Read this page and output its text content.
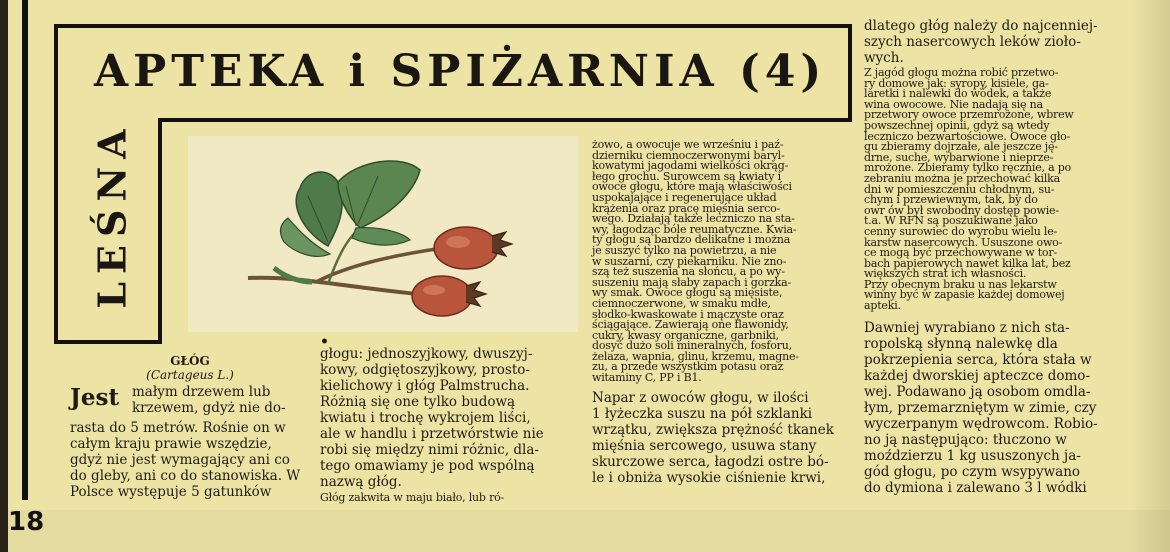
APTEKA i SPIŻARNIA (4)
LEŚNA

GŁÓG

(Cartageus L.)

Jest małym drzewem lub
krzewem, gdyż nie do-

rasta do 5 metrów. Rośnie on w
całym kraju prawie wszędzie,
gdyż nie jest wymagający ani co
do gleby, ani co do stanowiska. W
Polsce występuje 5 gatunków

•

głogu: jednoszyjkowy, dwuszyj-
kowy, odgiętoszyjkowy, prosto-
kielichowy i głóg Palmstrucha.
Różnią się one tylko budową
kwiatu i trochę wykrojem liści,
ale w handlu i przetwórstwie nie
robi się między nimi różnic, dla-
tego omawiamy je pod wspólną
nazwą głóg.

Głóg zakwita w maju biało, lub ró-

żowo, a owocuje we wrześniu i paź-
dzierniku ciemnoczerwonymi baryl-
kowatymi jagodami wielkości okrąg-
łego grochu. Surowcem są kwiaty i
owoce głogu, które mają właściwości
uspokajające i regenerujące układ
krążenia oraz pracę mięśnia serco-
wego. Działają także leczniczo na sta-
wy, łagodząc bóle reumatyczne. Kwia-
ty głogu są bardzo delikatne i można
je suszyć tylko na powietrzu, a nie
w suszarni, czy piekarniku. Nie zno-
szą też suszenia na słońcu, a po wy-
suszeniu mają słaby zapach i gorzka-
wy smak. Owoce głogu są mięsiste,
ciemnoczerwone, w smaku mdłe,
słodko-kwaskowate i mączyste oraz
ściągające. Zawierają one flawonidy,
cukry, kwasy organiczne, garbniki,
dosyć dużo soli mineralnych, fosforu,
żelaza, wapnia, glinu, krzemu, magne-
zu, a przede wszystkim potasu oraz
witaminy C, PP i B1.

Napar z owoców głogu, w ilości
1 łyżeczka suszu na pół szklanki
wrzątku, zwiększa prężność tkanek
mięśnia sercowego, usuwa stany
skurczowe serca, łagodzi ostre bó-
le i obniża wysokie ciśnienie krwi,

dlatego głóg należy do najcenniej-
szych nasercowych leków zioło-
wych.

Z jagód głogu można robić przetwo-
ry domowe jak: syropy, kisiele, ga-
laretki i nalewki do wódek, a także
wina owocowe. Nie nadają się na
przetwory owoce przemrożone, wbrew
powszechnej opinii, gdyż są wtedy
leczniczo bezwartościowe. Owoce gło-
gu zbieramy dojrzałe, ale jeszcze ję-
drne, suche, wybarwione i nieprze-
mrożone. Zbieramy tylko ręcznie, a po
zebraniu można je przechować kilka
dni w pomieszczeniu chłodnym, su-
chym i przewiewnym, tak, by do
owr ów był swobodny dostęp powie-
t.a. W RFN są poszukiwane jako
cenny surowiec do wyrobu wielu le-
karstw nasercowych. Ususzone owo-
ce mogą być przechowywane w tor-
bach papierowych nawet kilka lat, bez
większych strat ich własności.
Przy obecnym braku u nas lekarstw
winny być w zapasie każdej domowej
apteki.

Dawniej wyrabiano z nich sta-
ropolską słynną nalewkę dla
pokrzepienia serca, która stała w
każdej dworskiej apteczce domo-
wej. Podawano ją osobom omdla-
łym, przemarzniętym w zimie, czy
wyczerpanym wędrowcom. Robio-
no ją następująco: tłuczono w
moździerzu 1 kg ususzonych ja-
gód głogu, po czym wsypywano
do dymiona i zalewano 3 l wódki

18
